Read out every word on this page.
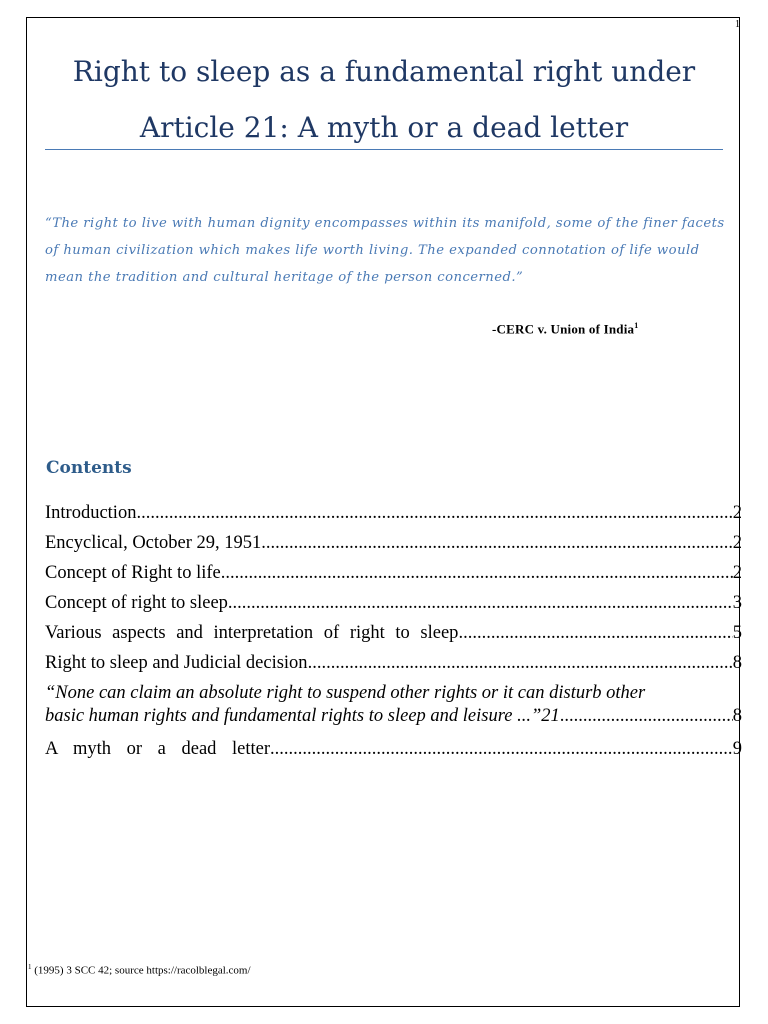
1
Right to sleep as a fundamental right under
Article 21: A myth or a dead letter

“The right to live with human dignity encompasses within its manifold, some of the finer facets of human civilization which makes life worth living. The expanded connotation of life would mean the tradition and cultural heritage of the person concerned.”

-CERC v. Union of India$^1$
Contents
Introduction .....	2
Encyclical, October 29, 1951 .....	2
Concept of Right to life .....	2
Concept of right to sleep .....	3
Various aspects and interpretation of right to sleep .....	5
Right to sleep and Judicial decision .....	8
“None can claim an absolute right to suspend other rights or it can disturb other
basic human rights and fundamental rights to sleep and leisure ...”21 .....	8
A myth or a dead letter .....	9
$^1$ (1995) 3 SCC 42; source https://racolblegal.com/
